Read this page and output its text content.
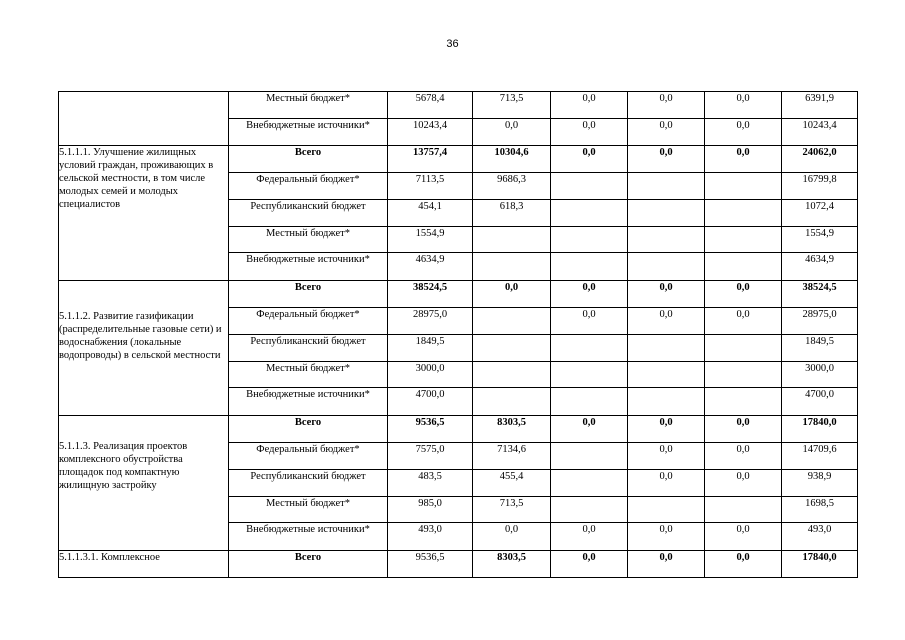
36
	Местный бюджет*	5678,4	713,5	0,0	0,0	0,0	6391,9
	Внебюджетные источники*	10243,4	0,0	0,0	0,0	0,0	10243,4
5.1.1.1. Улучшение жилищных условий граждан, проживающих в сельской местности, в том числе молодых семей и молодых специалистов	Всего	13757,4	10304,6	0,0	0,0	0,0	24062,0
	Федеральный бюджет*	7113,5	9686,3				16799,8
	Республиканский бюджет	454,1	618,3				1072,4
	Местный бюджет*	1554,9					1554,9
	Внебюджетные источники*	4634,9					4634,9
5.1.1.2. Развитие газификации (распределительные газовые сети) и водоснабжения (локальные водопроводы) в сельской местности	Всего	38524,5	0,0	0,0	0,0	0,0	38524,5
	Федеральный бюджет*	28975,0		0,0	0,0	0,0	28975,0
	Республиканский бюджет	1849,5					1849,5
	Местный бюджет*	3000,0					3000,0
	Внебюджетные источники*	4700,0					4700,0
5.1.1.3. Реализация проектов комплексного обустройства площадок под компактную жилищную застройку	Всего	9536,5	8303,5	0,0	0,0	0,0	17840,0
	Федеральный бюджет*	7575,0	7134,6		0,0	0,0	14709,6
	Республиканский бюджет	483,5	455,4		0,0	0,0	938,9
	Местный бюджет*	985,0	713,5				1698,5
	Внебюджетные источники*	493,0	0,0	0,0	0,0	0,0	493,0
5.1.1.3.1. Комплексное	Всего	9536,5	8303,5	0,0	0,0	0,0	17840,0
